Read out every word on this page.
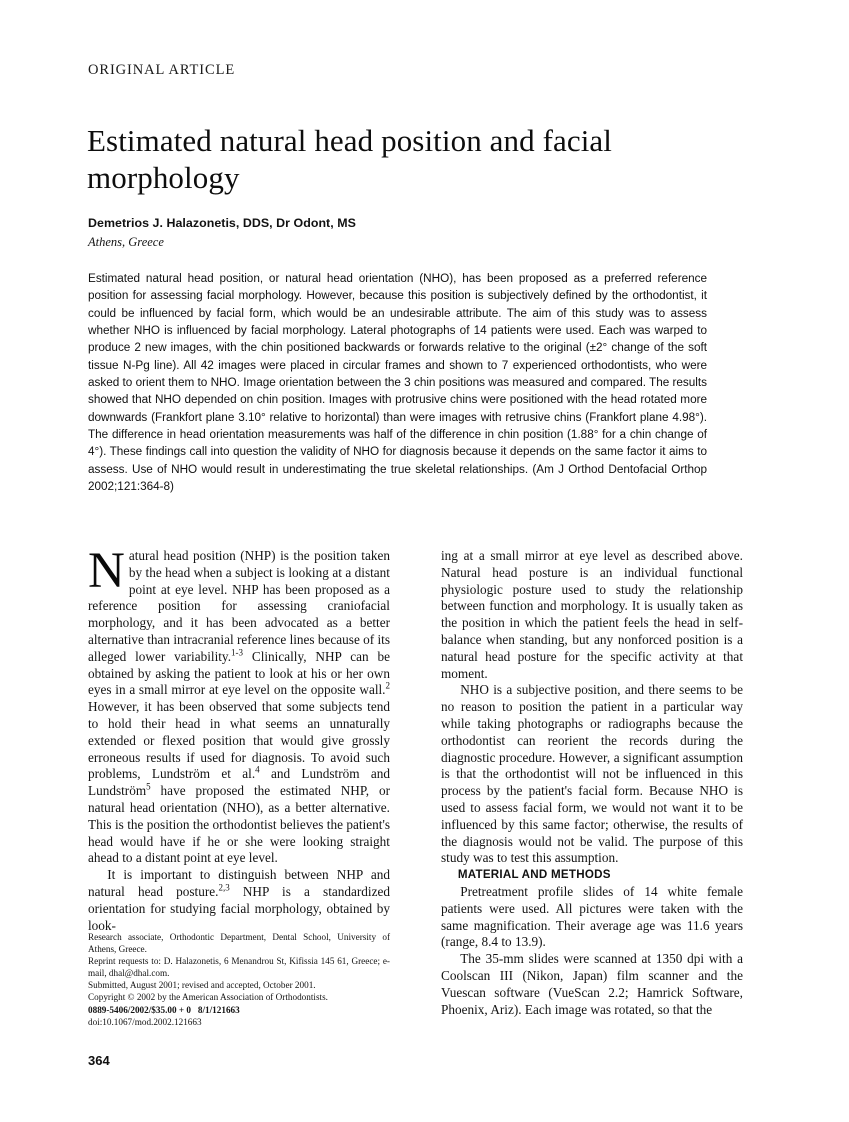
ORIGINAL ARTICLE
Estimated natural head position and facial morphology
Demetrios J. Halazonetis, DDS, Dr Odont, MS
Athens, Greece

Estimated natural head position, or natural head orientation (NHO), has been proposed as a preferred reference position for assessing facial morphology. However, because this position is subjectively defined by the orthodontist, it could be influenced by facial form, which would be an undesirable attribute. The aim of this study was to assess whether NHO is influenced by facial morphology. Lateral photographs of 14 patients were used. Each was warped to produce 2 new images, with the chin positioned backwards or forwards relative to the original (±2° change of the soft tissue N-Pg line). All 42 images were placed in circular frames and shown to 7 experienced orthodontists, who were asked to orient them to NHO. Image orientation between the 3 chin positions was measured and compared. The results showed that NHO depended on chin position. Images with protrusive chins were positioned with the head rotated more downwards (Frankfort plane 3.10° relative to horizontal) than were images with retrusive chins (Frankfort plane 4.98°). The difference in head orientation measurements was half of the difference in chin position (1.88° for a chin change of 4°). These findings call into question the validity of NHO for diagnosis because it depends on the same factor it aims to assess. Use of NHO would result in underestimating the true skeletal relationships. (Am J Orthod Dentofacial Orthop 2002;121:364-8)

Natural head position (NHP) is the position taken by the head when a subject is looking at a distant point at eye level. NHP has been proposed as a reference position for assessing craniofacial morphology, and it has been advocated as a better alternative than intracranial reference lines because of its alleged lower variability.$^{1-3}$ Clinically, NHP can be obtained by asking the patient to look at his or her own eyes in a small mirror at eye level on the opposite wall.$^2$ However, it has been observed that some subjects tend to hold their head in what seems an unnaturally extended or flexed position that would give grossly erroneous results if used for diagnosis. To avoid such problems, Lundström et al.$^4$ and Lundström and Lundström$^5$ have proposed the estimated NHP, or natural head orientation (NHO), as a better alternative. This is the position the orthodontist believes the patient's head would have if he or she were looking straight ahead to a distant point at eye level.

It is important to distinguish between NHP and natural head posture.$^{2,3}$ NHP is a standardized orientation for studying facial morphology, obtained by look-

ing at a small mirror at eye level as described above. Natural head posture is an individual functional physiologic posture used to study the relationship between function and morphology. It is usually taken as the position in which the patient feels the head in self-balance when standing, but any nonforced position is a natural head posture for the specific activity at that moment.

NHO is a subjective position, and there seems to be no reason to position the patient in a particular way while taking photographs or radiographs because the orthodontist can reorient the records during the diagnostic procedure. However, a significant assumption is that the orthodontist will not be influenced in this process by the patient's facial form. Because NHO is used to assess facial form, we would not want it to be influenced by this same factor; otherwise, the results of the diagnosis would not be valid. The purpose of this study was to test this assumption.

MATERIAL AND METHODS

Pretreatment profile slides of 14 white female patients were used. All pictures were taken with the same magnification. Their average age was 11.6 years (range, 8.4 to 13.9).

The 35-mm slides were scanned at 1350 dpi with a Coolscan III (Nikon, Japan) film scanner and the Vuescan software (VueScan 2.2; Hamrick Software, Phoenix, Ariz). Each image was rotated, so that the

Research associate, Orthodontic Department, Dental School, University of Athens, Greece.

Reprint requests to: D. Halazonetis, 6 Menandrou St, Kifissia 145 61, Greece; e-mail, dhal@dhal.com.

Submitted, August 2001; revised and accepted, October 2001.

Copyright © 2002 by the American Association of Orthodontists.

0889-5406/2002/$35.00 + 0 8/1/121663

doi:10.1067/mod.2002.121663

364
